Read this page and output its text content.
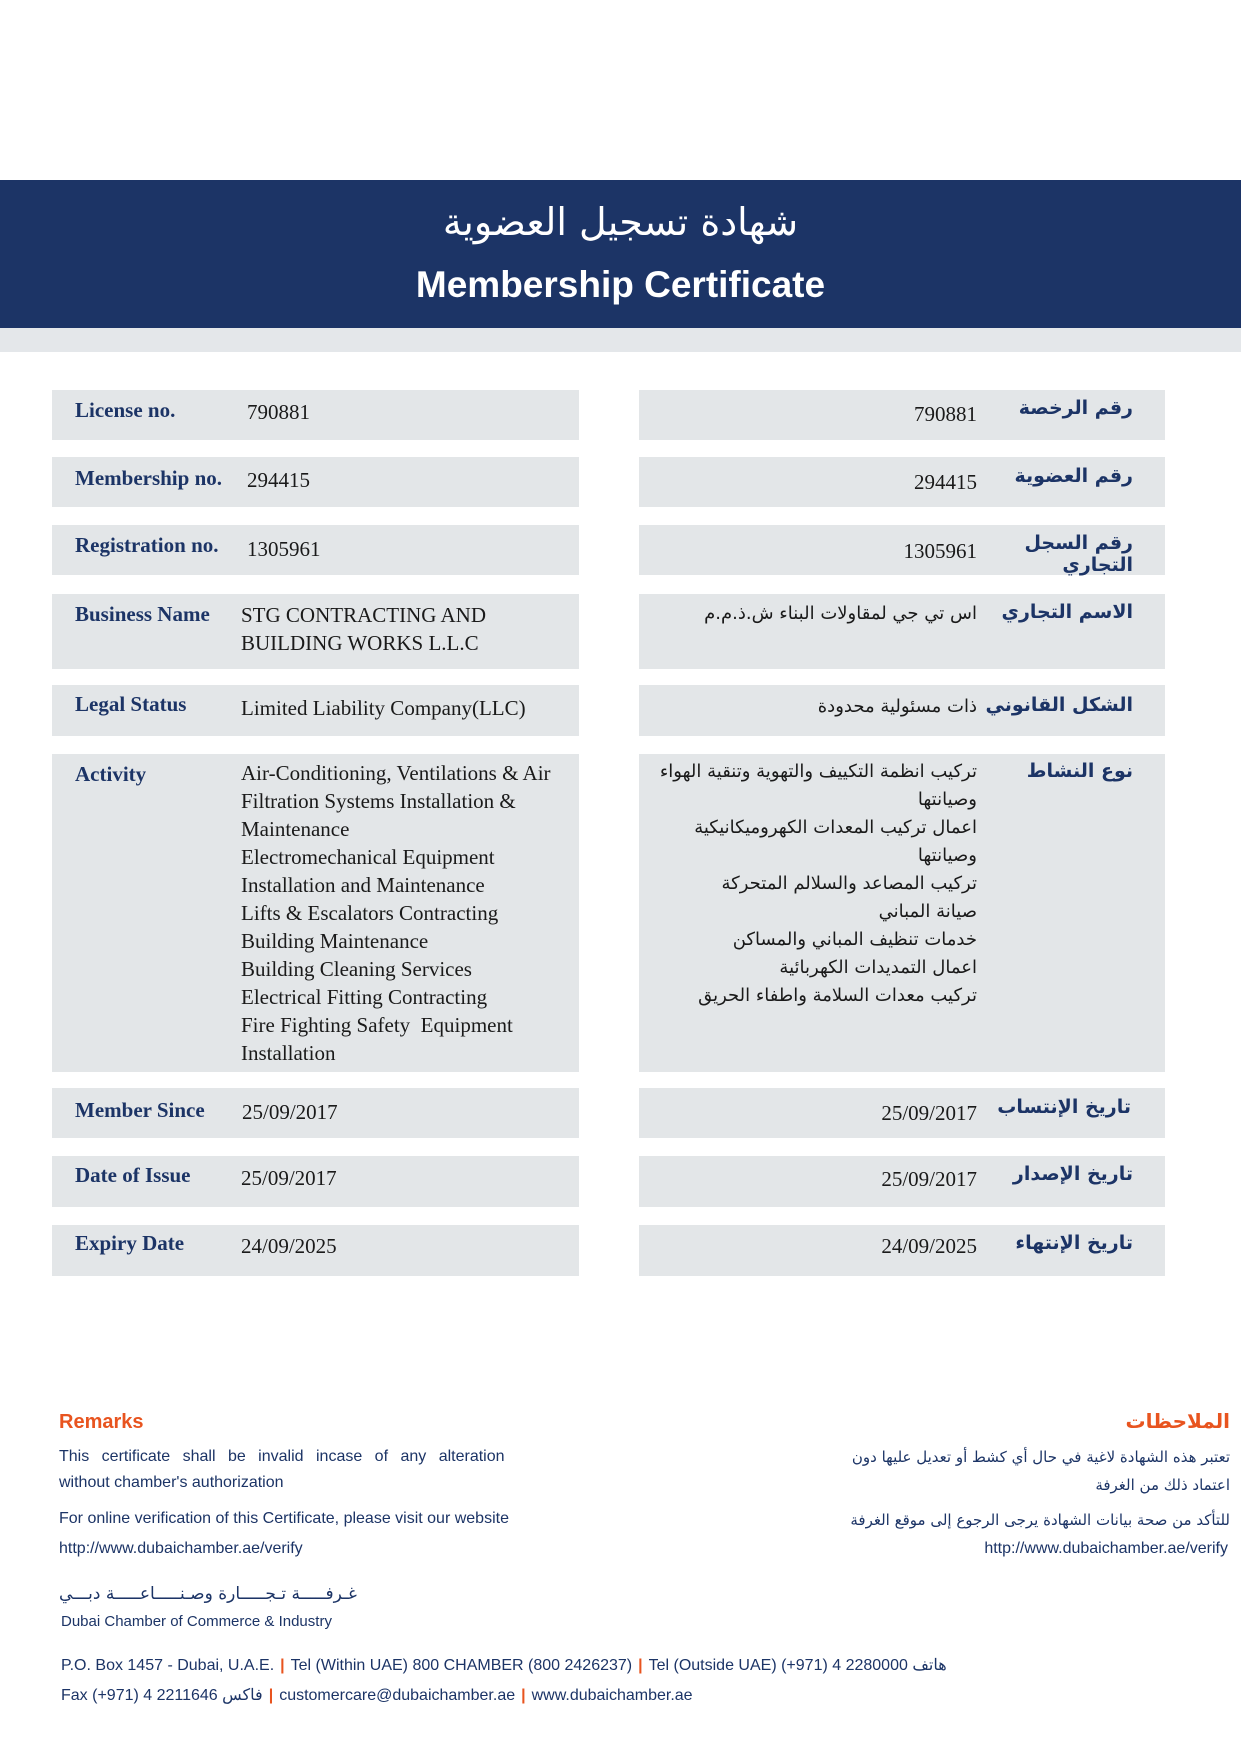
شهادة تسجيل العضوية
Membership Certificate
License no.
Membership no.
Registration no.
Business Name
Legal Status
Activity
Member Since
Date of Issue
Expiry Date
790881
294415
1305961
STG CONTRACTING AND
BUILDING WORKS L.L.C
Limited Liability Company(LLC)
Air-Conditioning, Ventilations & Air
Filtration Systems Installation &
Maintenance
Electromechanical Equipment
Installation and Maintenance
Lifts & Escalators Contracting
Building Maintenance
Building Cleaning Services
Electrical Fitting Contracting
Fire Fighting Safety  Equipment
Installation
25/09/2017
25/09/2017
24/09/2025
رقم الرخصة
رقم العضوية
رقم السجل التجاري
الاسم التجاري
الشكل القانوني
نوع النشاط
تاريخ الإنتساب
تاريخ الإصدار
تاريخ الإنتهاء
790881
294415
1305961
اس تي جي لمقاولات البناء ش.ذ.م.م
ذات مسئولية محدودة
تركيب انظمة التكييف والتهوية وتنقية الهواء
وصيانتها
اعمال تركيب المعدات الكهروميكانيكية
وصيانتها
تركيب المصاعد والسلالم المتحركة
صيانة المباني
خدمات تنظيف المباني والمساكن
اعمال التمديدات الكهربائية
تركيب معدات السلامة واطفاء الحريق
25/09/2017
25/09/2017
24/09/2025
Remarks	الملاحظات
This certificate shall be invalid incase of any alteration
without chamber's authorization
تعتبر هذه الشهادة لاغية في حال أي كشط أو تعديل عليها دون
اعتماد ذلك من الغرفة
For online verification of this Certificate, please visit our website
http://www.dubaichamber.ae/verify
للتأكد من صحة بيانات الشهادة يرجى الرجوع إلى موقع الغرفة
http://www.dubaichamber.ae/verify
غـرفـــــة تـجـــــارة وصـنـــــاعـــــة دبـــي
Dubai Chamber of Commerce & Industry
P.O. Box 1457 - Dubai, U.A.E. | Tel (Within UAE) 800 CHAMBER (800 2426237) | Tel (Outside UAE) (+971) 4 2280000 هاتف
Fax (+971) 4 2211646 فاكس | customercare@dubaichamber.ae | www.dubaichamber.ae
